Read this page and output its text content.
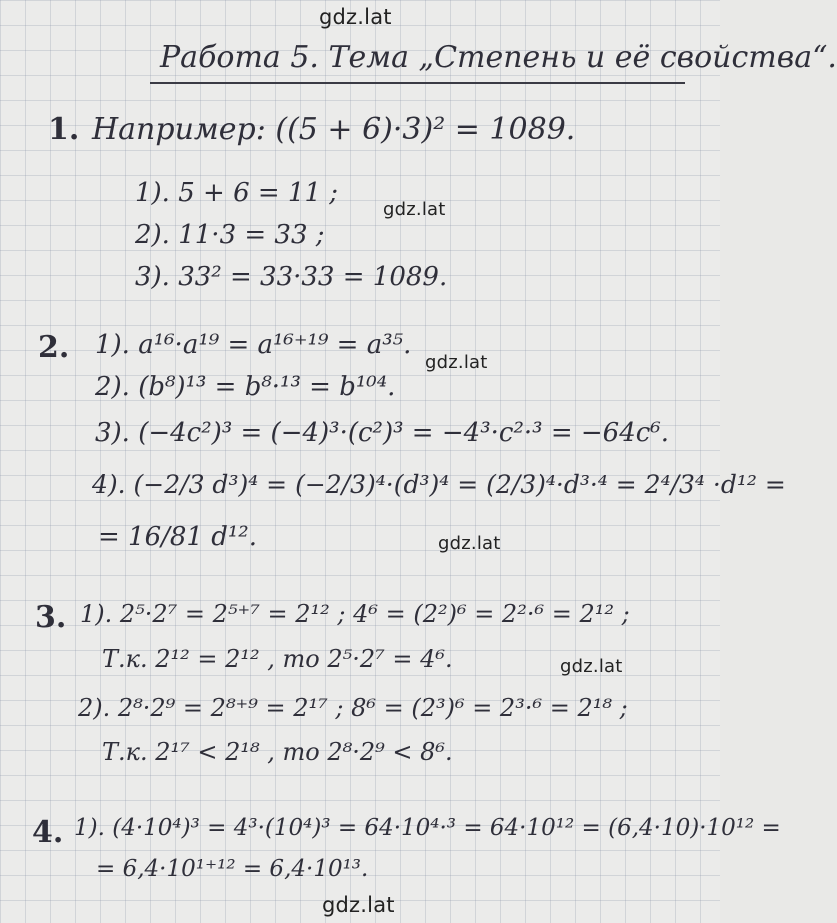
gdz.lat
Работа 5. Тема „Степень и её свойства“.
1. Например: ((5 + 6)·3)² = 1089.
1). 5 + 6 = 11 ;
2). 11·3 = 33 ;
3). 33² = 33·33 = 1089.
gdz.lat
2. 1). a¹⁶·a¹⁹ = a¹⁶⁺¹⁹ = a³⁵.
gdz.lat
2). (b⁸)¹³ = b⁸·¹³ = b¹⁰⁴.
3). (−4c²)³ = (−4)³·(c²)³ = −4³·c²·³ = −64c⁶.
4). (−2/3 d³)⁴ = (−2/3)⁴·(d³)⁴ = (2/3)⁴·d³·⁴ = 2⁴/3⁴ ·d¹² =
= 16/81 d¹².	gdz.lat
3. 1). 2⁵·2⁷ = 2⁵⁺⁷ = 2¹² ; 4⁶ = (2²)⁶ = 2²·⁶ = 2¹² ;
Т.к. 2¹² = 2¹² , то 2⁵·2⁷ = 4⁶.	gdz.lat
2). 2⁸·2⁹ = 2⁸⁺⁹ = 2¹⁷ ; 8⁶ = (2³)⁶ = 2³·⁶ = 2¹⁸ ;
Т.к. 2¹⁷ < 2¹⁸ , то 2⁸·2⁹ < 8⁶.
4. 1). (4·10⁴)³ = 4³·(10⁴)³ = 64·10⁴·³ = 64·10¹² = (6,4·10)·10¹² =
= 6,4·10¹⁺¹² = 6,4·10¹³.
gdz.lat
